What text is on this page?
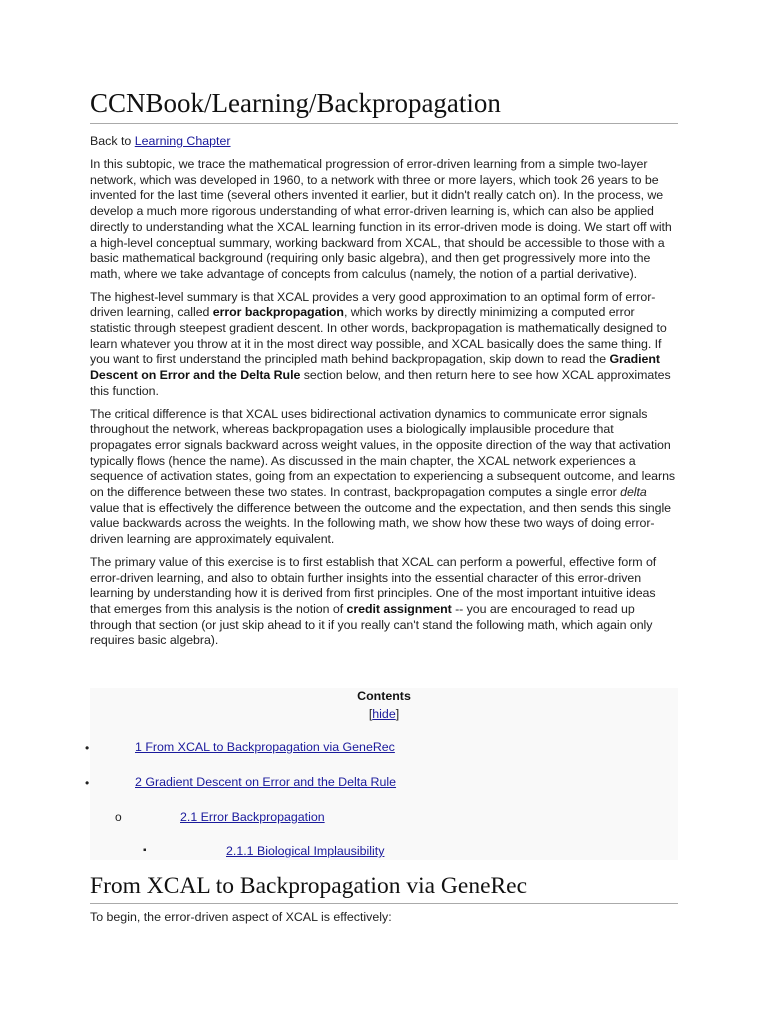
CCNBook/Learning/Backpropagation
Back to Learning Chapter

In this subtopic, we trace the mathematical progression of error-driven learning from a simple two-layer network, which was developed in 1960, to a network with three or more layers, which took 26 years to be invented for the last time (several others invented it earlier, but it didn't really catch on). In the process, we develop a much more rigorous understanding of what error-driven learning is, which can also be applied directly to understanding what the XCAL learning function in its error-driven mode is doing. We start off with a high-level conceptual summary, working backward from XCAL, that should be accessible to those with a basic mathematical background (requiring only basic algebra), and then get progressively more into the math, where we take advantage of concepts from calculus (namely, the notion of a partial derivative).

The highest-level summary is that XCAL provides a very good approximation to an optimal form of error-driven learning, called error backpropagation, which works by directly minimizing a computed error statistic through steepest gradient descent. In other words, backpropagation is mathematically designed to learn whatever you throw at it in the most direct way possible, and XCAL basically does the same thing. If you want to first understand the principled math behind backpropagation, skip down to read the Gradient Descent on Error and the Delta Rule section below, and then return here to see how XCAL approximates this function.

The critical difference is that XCAL uses bidirectional activation dynamics to communicate error signals throughout the network, whereas backpropagation uses a biologically implausible procedure that propagates error signals backward across weight values, in the opposite direction of the way that activation typically flows (hence the name). As discussed in the main chapter, the XCAL network experiences a sequence of activation states, going from an expectation to experiencing a subsequent outcome, and learns on the difference between these two states. In contrast, backpropagation computes a single error delta value that is effectively the difference between the outcome and the expectation, and then sends this single value backwards across the weights. In the following math, we show how these two ways of doing error-driven learning are approximately equivalent.

The primary value of this exercise is to first establish that XCAL can perform a powerful, effective form of error-driven learning, and also to obtain further insights into the essential character of this error-driven learning by understanding how it is derived from first principles. One of the most important intuitive ideas that emerges from this analysis is the notion of credit assignment -- you are encouraged to read up through that section (or just skip ahead to it if you really can't stand the following math, which again only requires basic algebra).

Contents
[hide]
1 From XCAL to Backpropagation via GeneRec
2 Gradient Descent on Error and the Delta Rule
2.1 Error Backpropagation
2.1.1 Biological Implausibility
•
•
o
▪
From XCAL to Backpropagation via GeneRec
To begin, the error-driven aspect of XCAL is effectively:
